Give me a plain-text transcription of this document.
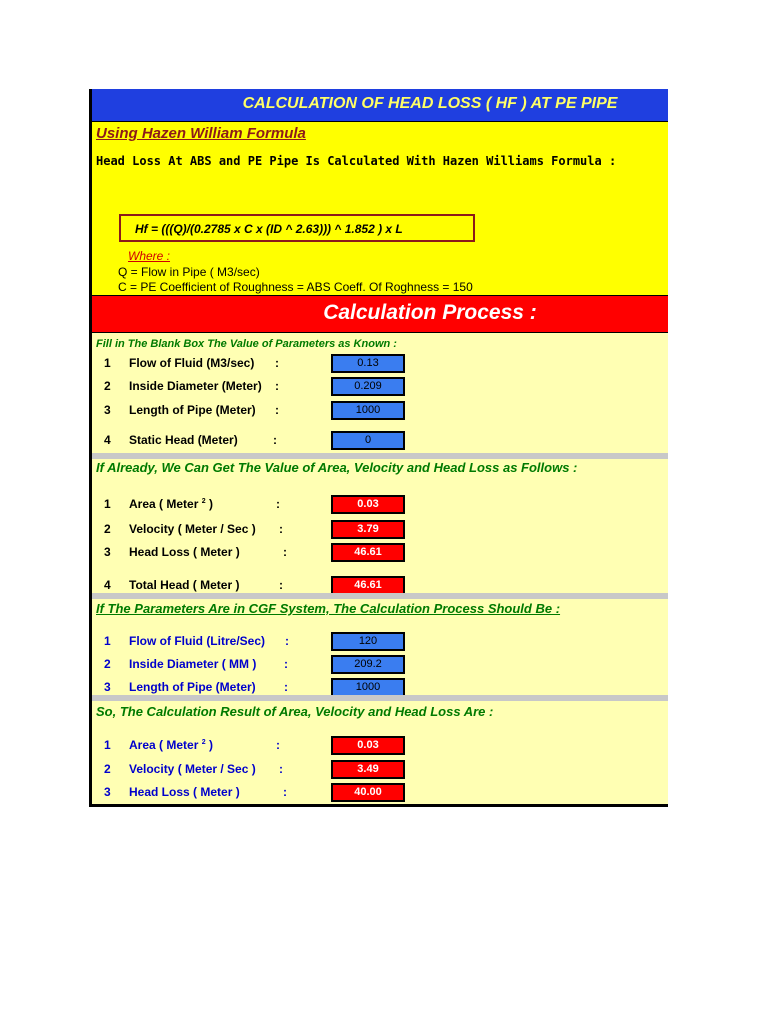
CALCULATION OF HEAD LOSS ( HF ) AT PE PIPE
Using Hazen William Formula
Head Loss At ABS and PE Pipe Is Calculated With Hazen Williams Formula :
Hf = (((Q)/(0.2785 x C x (ID ^ 2.63))) ^ 1.852 ) x L
Where :
Q = Flow in Pipe ( M3/sec)
C = PE Coefficient of Roughness = ABS Coeff. Of Roghness = 150
Calculation Process :
Fill in The Blank Box The Value of Parameters as Known :
1 Flow of Fluid (M3/sec) :	0.13
2 Inside Diameter (Meter) :	0.209
3 Length of Pipe (Meter) :	1000
4 Static Head (Meter)	:	0
If Already, We Can Get The Value of Area, Velocity and Head Loss as Follows :
1 Area ( Meter $^2$ )	:	0.03
2 Velocity ( Meter / Sec ) :	3.79
3 Head Loss ( Meter )	:	46.61
4 Total Head ( Meter )	:	46.61
If The Parameters Are in CGF System, The Calculation Process Should Be :
1 Flow of Fluid (Litre/Sec) :	120
2 Inside Diameter ( MM ) :	209.2
3 Length of Pipe (Meter) :	1000
So, The Calculation Result of Area, Velocity and Head Loss Are :
1 Area ( Meter $^2$ )	:	0.03
2 Velocity ( Meter / Sec ) :	3.49
3 Head Loss ( Meter )	:	40.00
